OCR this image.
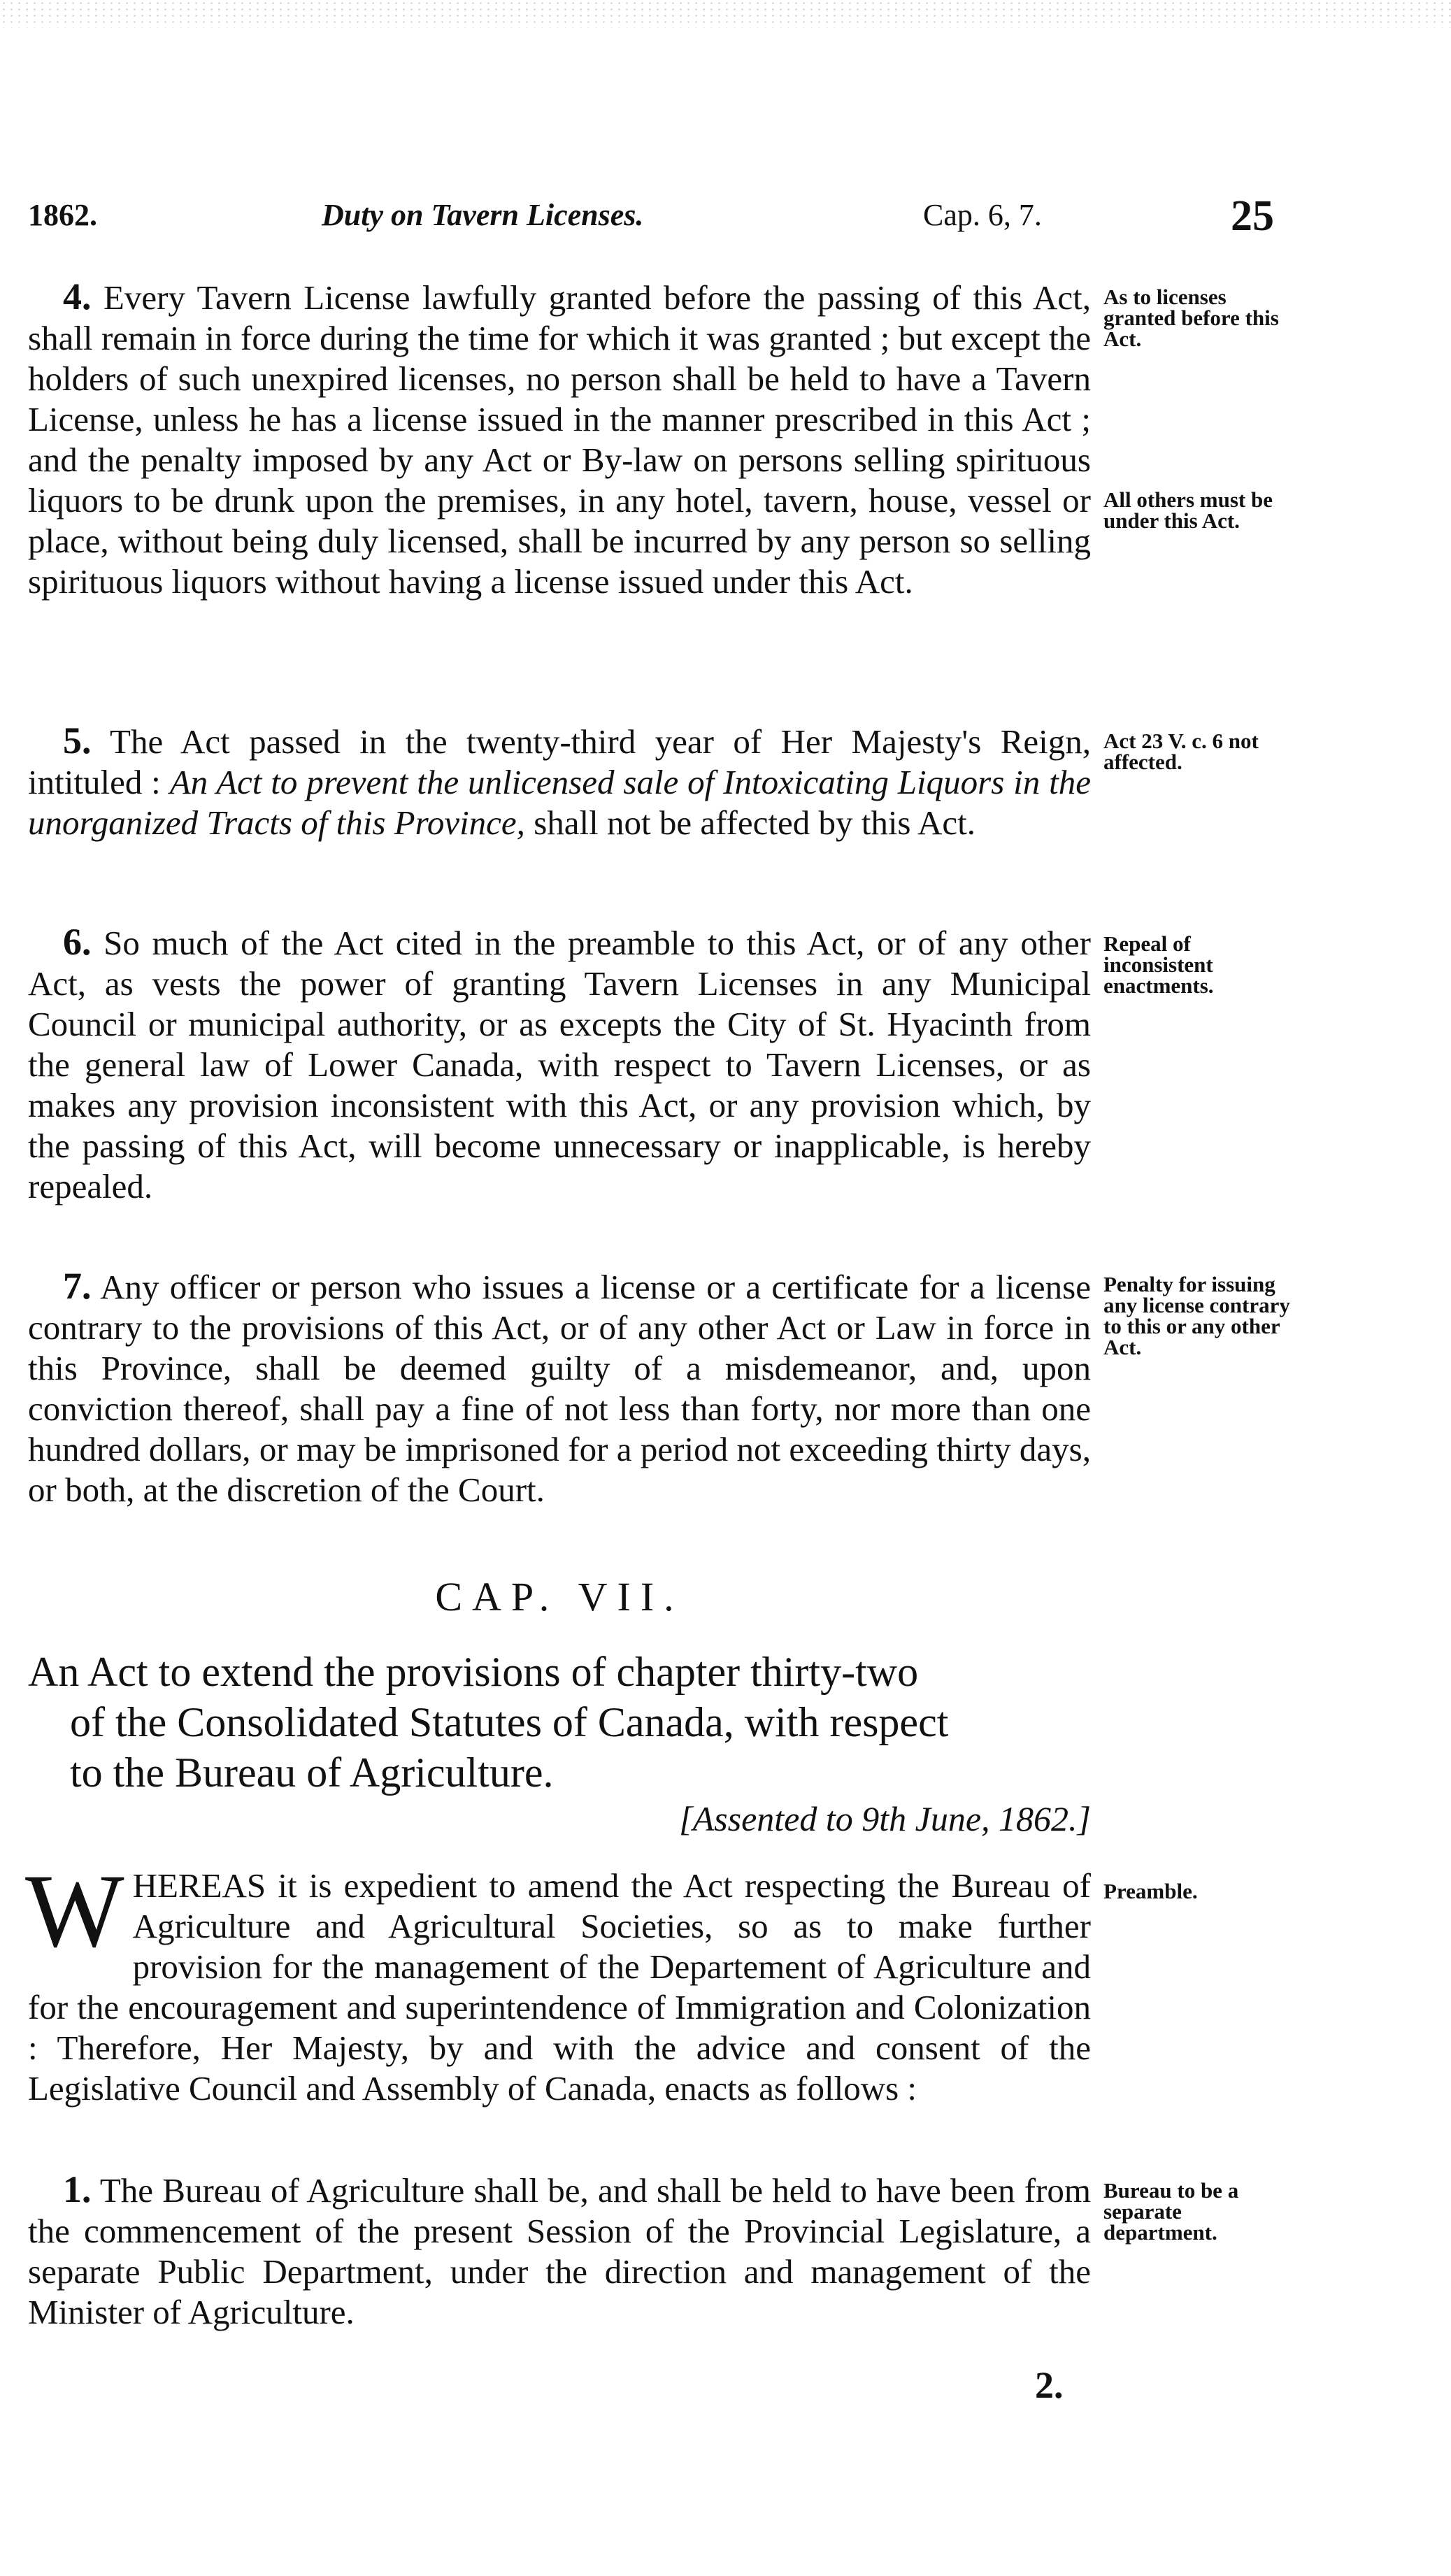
1862.	Duty on Tavern Licenses.	Cap. 6, 7.	25

4. Every Tavern License lawfully granted before the passing of this Act, shall remain in force during the time for which it was granted ; but except the holders of such unexpired licenses, no person shall be held to have a Tavern License, unless he has a license issued in the manner prescribed in this Act ; and the penalty imposed by any Act or By-law on persons selling spirituous liquors to be drunk upon the premises, in any hotel, tavern, house, vessel or place, without being duly licensed, shall be incurred by any person so selling spirituous liquors without having a license issued under this Act.

As to licenses granted before this Act.
All others must be under this Act.

5. The Act passed in the twenty-third year of Her Majesty's Reign, intituled : An Act to prevent the unlicensed sale of Intoxicating Liquors in the unorganized Tracts of this Province, shall not be affected by this Act.

Act 23 V. c. 6 not affected.

6. So much of the Act cited in the preamble to this Act, or of any other Act, as vests the power of granting Tavern Licenses in any Municipal Council or municipal authority, or as excepts the City of St. Hyacinth from the general law of Lower Canada, with respect to Tavern Licenses, or as makes any provision inconsistent with this Act, or any provision which, by the passing of this Act, will become unnecessary or inapplicable, is hereby repealed.

Repeal of inconsistent enactments.

7. Any officer or person who issues a license or a certificate for a license contrary to the provisions of this Act, or of any other Act or Law in force in this Province, shall be deemed guilty of a misdemeanor, and, upon conviction thereof, shall pay a fine of not less than forty, nor more than one hundred dollars, or may be imprisoned for a period not exceeding thirty days, or both, at the discretion of the Court.

Penalty for issuing any license contrary to this or any other Act.
CAP. VII.
An Act to extend the provisions of chapter thirty-two
of the Consolidated Statutes of Canada, with respect
to the Bureau of Agriculture.
[Assented to 9th June, 1862.]

WHEREAS it is expedient to amend the Act respecting the Bureau of Agriculture and Agricultural Societies, so as to make further provision for the management of the Departement of Agriculture and for the encouragement and superintendence of Immigration and Colonization : Therefore, Her Majesty, by and with the advice and consent of the Legislative Council and Assembly of Canada, enacts as follows :

Preamble.

1. The Bureau of Agriculture shall be, and shall be held to have been from the commencement of the present Session of the Provincial Legislature, a separate Public Department, under the direction and management of the Minister of Agriculture.

Bureau to be a separate department.
2.
